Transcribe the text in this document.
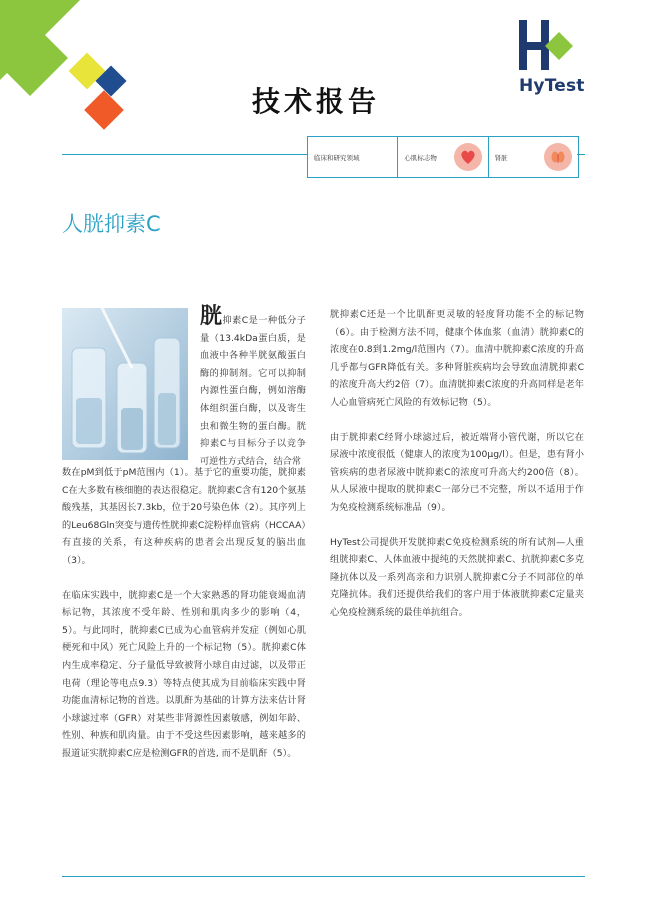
HyTest
技术报告
临床和研究领域	心肌标志物	肾脏
人胱抑素C
胱抑素C是一种低分子量（13.4kDa蛋白质，是血液中各种半胱氨酸蛋白酶的抑制剂。它可以抑制内源性蛋白酶，例如溶酶体组织蛋白酶，以及寄生虫和微生物的蛋白酶。胱抑素C与目标分子以竞争可逆性方式结合，结合常

数在pM到低于pM范围内（1）。基于它的重要功能，胱抑素C在大多数有核细胞的表达很稳定。胱抑素C含有120个氨基酸残基，其基因长7.3kb，位于20号染色体（2）。其序列上的Leu68Gln突变与遗传性胱抑素C淀粉样血管病（HCCAA）有直接的关系，有这种疾病的患者会出现反复的脑出血（3）。

在临床实践中，胱抑素C是一个大家熟悉的肾功能衰竭血清标记物，其浓度不受年龄、性别和肌肉多少的影响（4，5）。与此同时，胱抑素C已成为心血管病并发症（例如心肌梗死和中风）死亡风险上升的一个标记物（5）。胱抑素C体内生成率稳定、分子量低导致被肾小球自由过滤，以及带正电荷（理论等电点9.3）等特点使其成为目前临床实践中肾功能血清标记物的首选。以肌酐为基础的计算方法来估计肾小球滤过率（GFR）对某些非肾源性因素敏感，例如年龄、性别、种族和肌肉量。由于不受这些因素影响，越来越多的报道证实胱抑素C应是检测GFR的首选, 而不是肌酐（5）。

胱抑素C还是一个比肌酐更灵敏的轻度肾功能不全的标记物（6）。由于检测方法不同，健康个体血浆（血清）胱抑素C的浓度在0.8到1.2mg/l范围内（7）。血清中胱抑素C浓度的升高几乎都与GFR降低有关。多种肾脏疾病均会导致血清胱抑素C的浓度升高大约2倍（7）。血清胱抑素C浓度的升高同样是老年人心血管病死亡风险的有效标记物（5）。

由于胱抑素C经肾小球滤过后，被近端肾小管代谢，所以它在尿液中浓度很低（健康人的浓度为100μg/l）。但是，患有肾小管疾病的患者尿液中胱抑素C的浓度可升高大约200倍（8）。从人尿液中提取的胱抑素C一部分已不完整，所以不适用于作为免疫检测系统标准品（9）。

HyTest公司提供开发胱抑素C免疫检测系统的所有试剂—人重组胱抑素C、人体血液中提纯的天然胱抑素C、抗胱抑素C多克隆抗体以及一系列高亲和力识别人胱抑素C分子不同部位的单克隆抗体。我们还提供给我们的客户用于体液胱抑素C定量夹心免疫检测系统的最佳单抗组合。
